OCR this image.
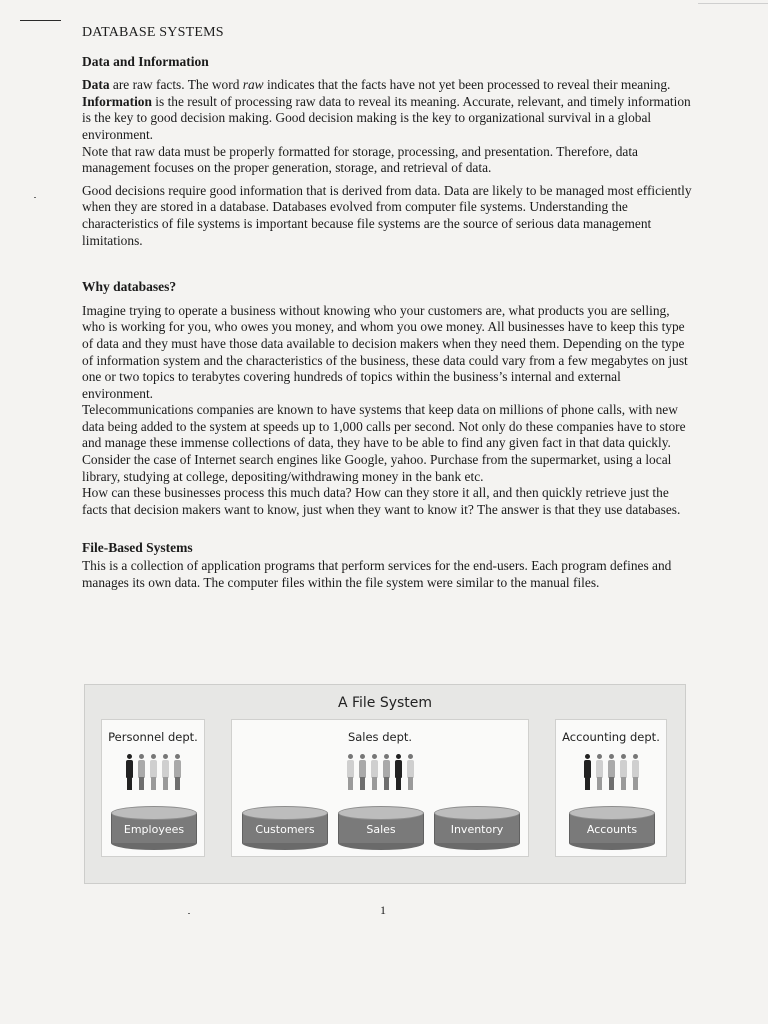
DATABASE SYSTEMS
Data and Information

Data are raw facts. The word raw indicates that the facts have not yet been processed to reveal their meaning. Information is the result of processing raw data to reveal its meaning. Accurate, relevant, and timely information is the key to good decision making. Good decision making is the key to organizational survival in a global environment.

Note that raw data must be properly formatted for storage, processing, and presentation. Therefore, data management focuses on the proper generation, storage, and retrieval of data.

Good decisions require good information that is derived from data. Data are likely to be managed most efficiently when they are stored in a database. Databases evolved from computer file systems. Understanding the characteristics of file systems is important because file systems are the source of serious data management limitations.

Why databases?

Imagine trying to operate a business without knowing who your customers are, what products you are selling, who is working for you, who owes you money, and whom you owe money. All businesses have to keep this type of data and they must have those data available to decision makers when they need them. Depending on the type of information system and the characteristics of the business, these data could vary from a few megabytes on just one or two topics to terabytes covering hundreds of topics within the business’s internal and external environment.

Telecommunications companies are known to have systems that keep data on millions of phone calls, with new data being added to the system at speeds up to 1,000 calls per second. Not only do these companies have to store and manage these immense collections of data, they have to be able to find any given fact in that data quickly. Consider the case of Internet search engines like Google, yahoo. Purchase from the supermarket, using a local library, studying at college, depositing/withdrawing money in the bank etc.

How can these businesses process this much data? How can they store it all, and then quickly retrieve just the facts that decision makers want to know, just when they want to know it? The answer is that they use databases.

File-Based Systems

This is a collection of application programs that perform services for the end-users. Each program defines and manages its own data. The computer files within the file system were similar to the manual files.

A File System
Personnel dept.
Employees
Sales dept.
Customers	Sales	Inventory
Accounting dept.
Accounts
1
